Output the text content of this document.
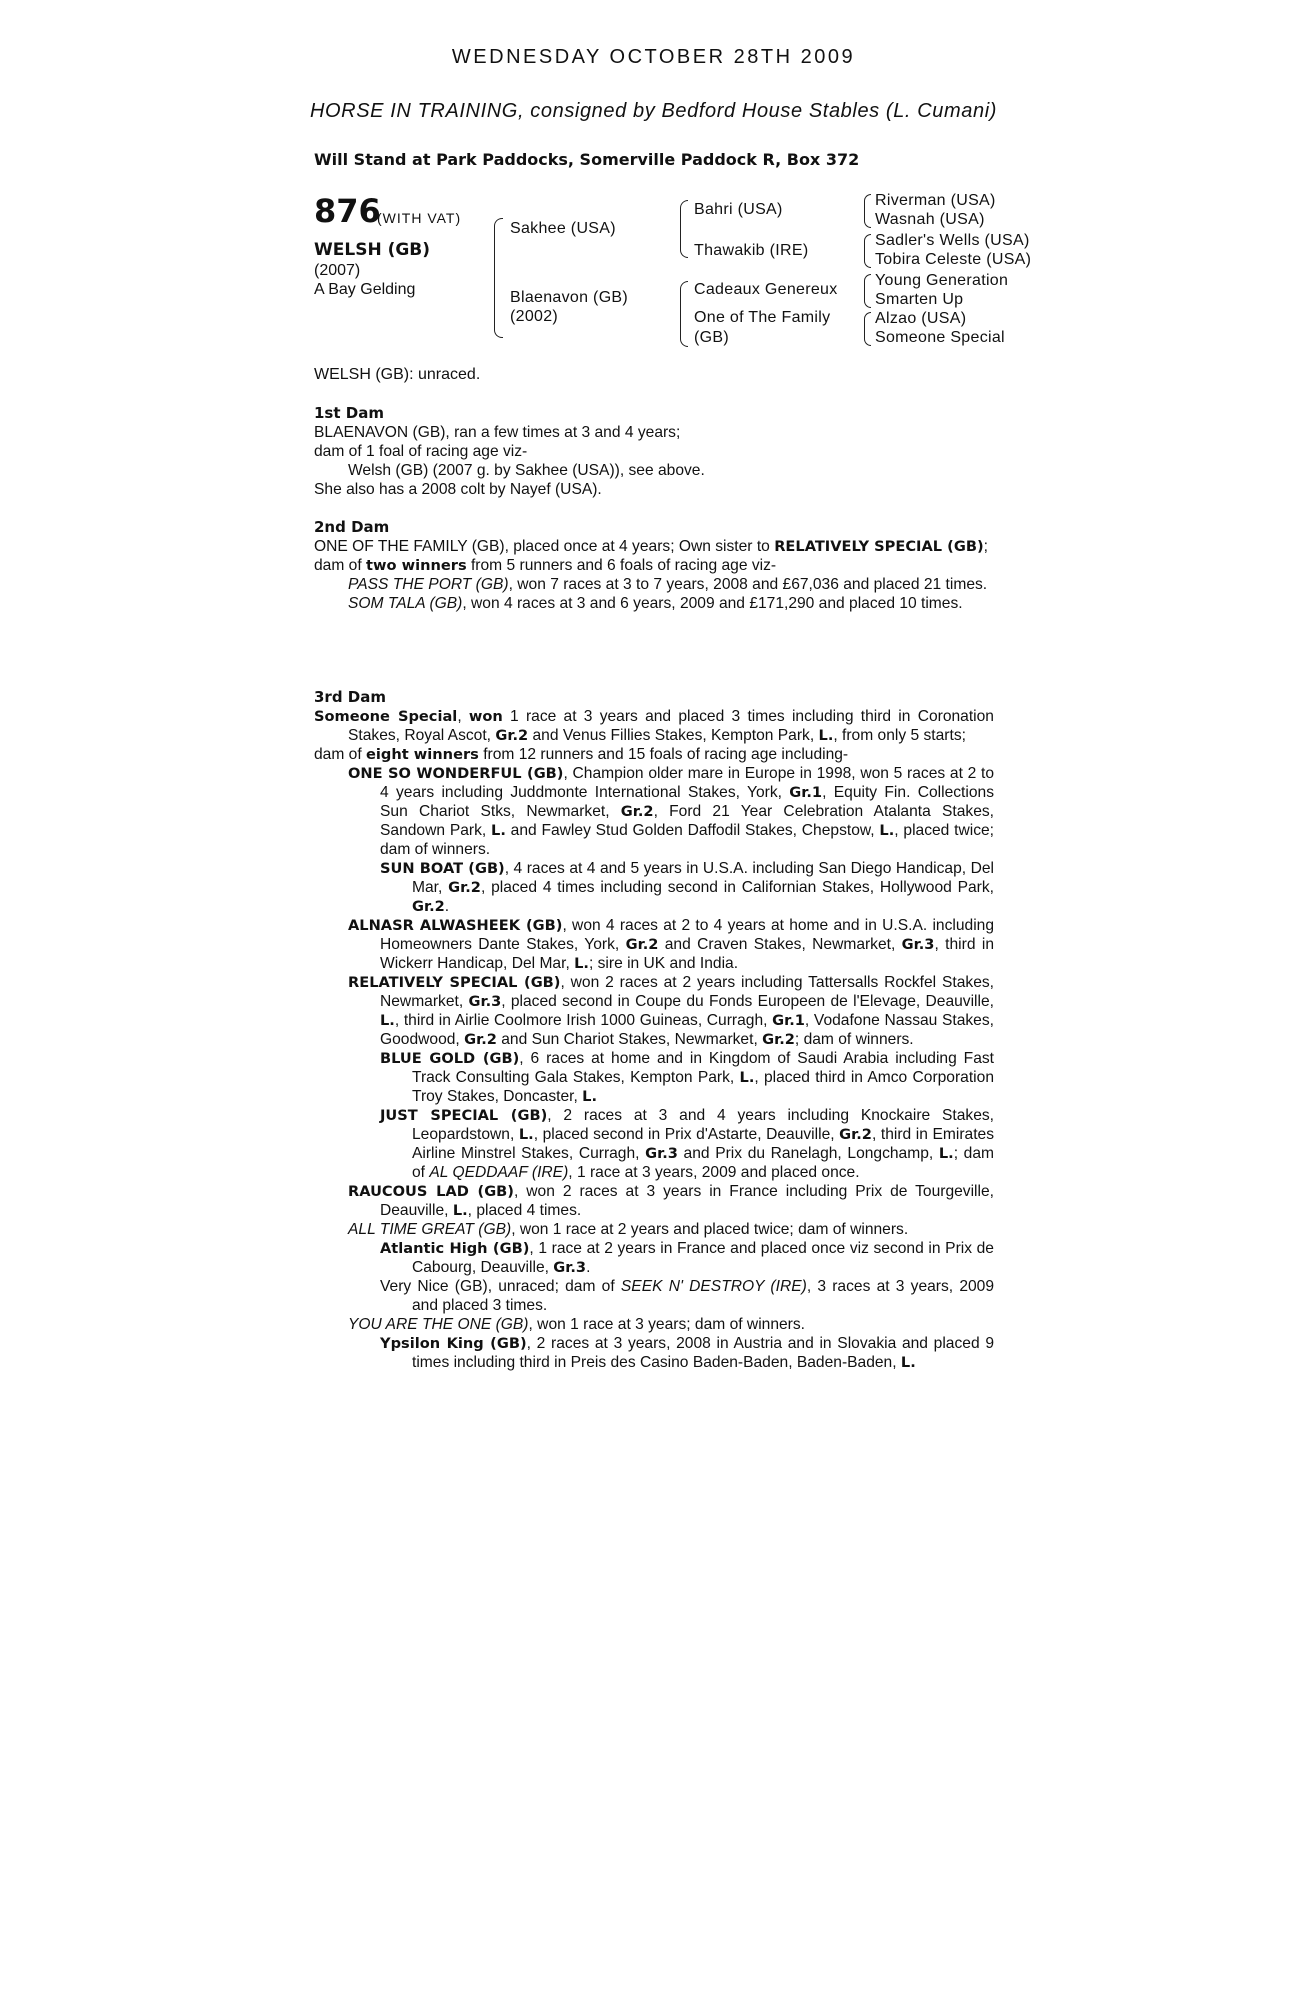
WEDNESDAY OCTOBER 28TH 2009
HORSE IN TRAINING, consigned by Bedford House Stables (L. Cumani)
Will Stand at Park Paddocks, Somerville Paddock R, Box 372
876
(WITH VAT)
WELSH (GB)
(2007)
A Bay Gelding
Sakhee (USA)
Blaenavon (GB)
(2002)
Bahri (USA)
Thawakib (IRE)
Cadeaux Genereux
One of The Family
(GB)
Riverman (USA)
Wasnah (USA)
Sadler's Wells (USA)
Tobira Celeste (USA)
Young Generation
Smarten Up
Alzao (USA)
Someone Special
WELSH (GB): unraced.

1st Dam

BLAENAVON (GB), ran a few times at 3 and 4 years;

dam of 1 foal of racing age viz-

Welsh (GB) (2007 g. by Sakhee (USA)), see above.

She also has a 2008 colt by Nayef (USA).

2nd Dam

ONE OF THE FAMILY (GB), placed once at 4 years; Own sister to RELATIVELY SPECIAL (GB);

dam of two winners from 5 runners and 6 foals of racing age viz-

PASS THE PORT (GB), won 7 races at 3 to 7 years, 2008 and £67,036 and placed 21 times.

SOM TALA (GB), won 4 races at 3 and 6 years, 2009 and £171,290 and placed 10 times.

3rd Dam

Someone Special, won 1 race at 3 years and placed 3 times including third in Coronation Stakes, Royal Ascot, Gr.2 and Venus Fillies Stakes, Kempton Park, L., from only 5 starts;

dam of eight winners from 12 runners and 15 foals of racing age including-

ONE SO WONDERFUL (GB), Champion older mare in Europe in 1998, won 5 races at 2 to 4 years including Juddmonte International Stakes, York, Gr.1, Equity Fin. Collections Sun Chariot Stks, Newmarket, Gr.2, Ford 21 Year Celebration Atalanta Stakes, Sandown Park, L. and Fawley Stud Golden Daffodil Stakes, Chepstow, L., placed twice; dam of winners.

SUN BOAT (GB), 4 races at 4 and 5 years in U.S.A. including San Diego Handicap, Del Mar, Gr.2, placed 4 times including second in Californian Stakes, Hollywood Park, Gr.2.

ALNASR ALWASHEEK (GB), won 4 races at 2 to 4 years at home and in U.S.A. including Homeowners Dante Stakes, York, Gr.2 and Craven Stakes, Newmarket, Gr.3, third in Wickerr Handicap, Del Mar, L.; sire in UK and India.

RELATIVELY SPECIAL (GB), won 2 races at 2 years including Tattersalls Rockfel Stakes, Newmarket, Gr.3, placed second in Coupe du Fonds Europeen de l'Elevage, Deauville, L., third in Airlie Coolmore Irish 1000 Guineas, Curragh, Gr.1, Vodafone Nassau Stakes, Goodwood, Gr.2 and Sun Chariot Stakes, Newmarket, Gr.2; dam of winners.

BLUE GOLD (GB), 6 races at home and in Kingdom of Saudi Arabia including Fast Track Consulting Gala Stakes, Kempton Park, L., placed third in Amco Corporation Troy Stakes, Doncaster, L.

JUST SPECIAL (GB), 2 races at 3 and 4 years including Knockaire Stakes, Leopardstown, L., placed second in Prix d'Astarte, Deauville, Gr.2, third in Emirates Airline Minstrel Stakes, Curragh, Gr.3 and Prix du Ranelagh, Longchamp, L.; dam of AL QEDDAAF (IRE), 1 race at 3 years, 2009 and placed once.

RAUCOUS LAD (GB), won 2 races at 3 years in France including Prix de Tourgeville, Deauville, L., placed 4 times.

ALL TIME GREAT (GB), won 1 race at 2 years and placed twice; dam of winners.

Atlantic High (GB), 1 race at 2 years in France and placed once viz second in Prix de Cabourg, Deauville, Gr.3.

Very Nice (GB), unraced; dam of SEEK N' DESTROY (IRE), 3 races at 3 years, 2009 and placed 3 times.

YOU ARE THE ONE (GB), won 1 race at 3 years; dam of winners.

Ypsilon King (GB), 2 races at 3 years, 2008 in Austria and in Slovakia and placed 9 times including third in Preis des Casino Baden-Baden, Baden-Baden, L.
